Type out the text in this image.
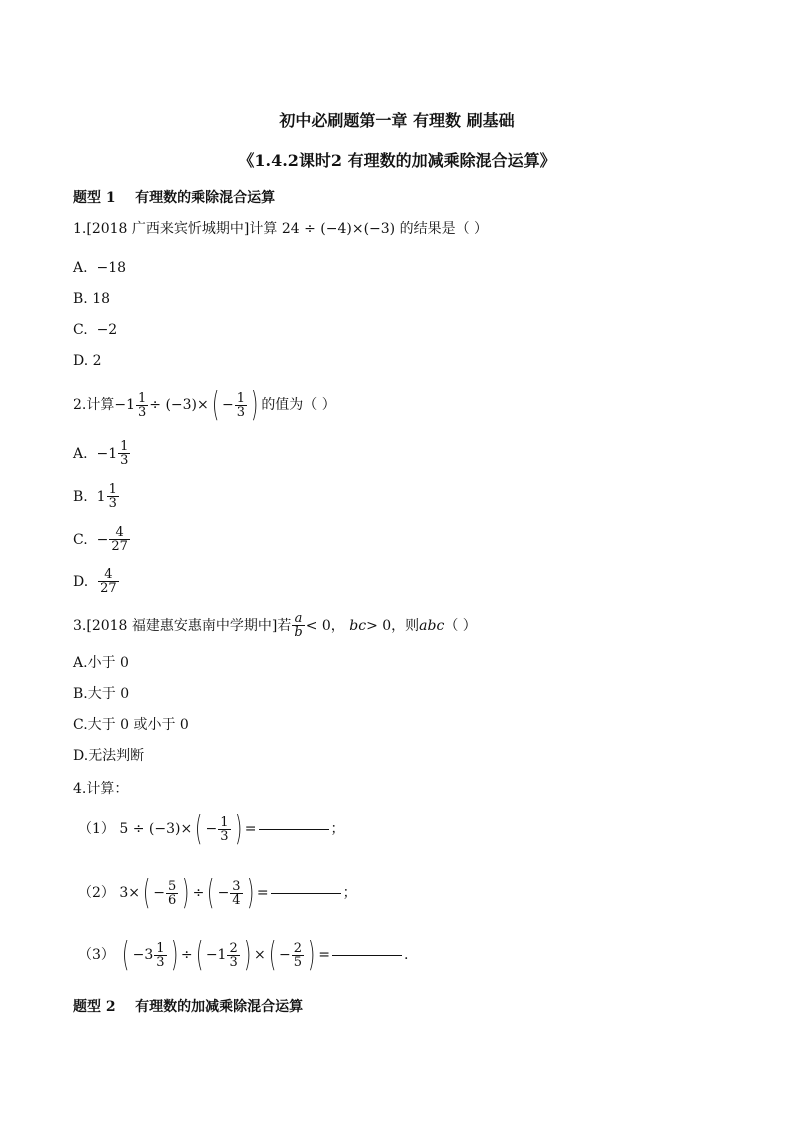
初中必刷题第一章 有理数 刷基础
《1.4.2课时2 有理数的加减乘除混合运算》
题型 1 有理数的乘除混合运算
1.[2018 广西来宾忻城期中]计算 24 ÷ (−4)×(−3) 的结果是（ ）
A. −18
B. 18
C. −2
D. 2
2. 计算 $-1 \frac{1}{3} \div (-3)\times$ ( − $\frac{1}{3}$ ) 的值为（ ）
A.
$-1 \frac{1}{3}$
B.
$1 \frac{1}{3}$
C.
− $\frac{4}{27}$
D.
$\frac{4}{27}$
3. [2018 福建惠安惠南中学期中] 若 $\frac{a}{b} < 0$ ，
bc > 0 ，则 abc （ ）
A.小于 0
B.大于 0
C.大于 0 或小于 0
D.无法判断
4.计算：
（1）
5 ÷ (−3)× ( − $\frac{1}{3}$ ) =	；
（2）
3× ( − $\frac{5}{6}$ ) ÷ ( − $\frac{3}{4}$ ) =	；
（3）
( $-3 \frac{1}{3}$ ) ÷ ( $-1 \frac{2}{3}$ ) × ( − $\frac{2}{5}$ ) =	.
题型 2 有理数的加减乘除混合运算
